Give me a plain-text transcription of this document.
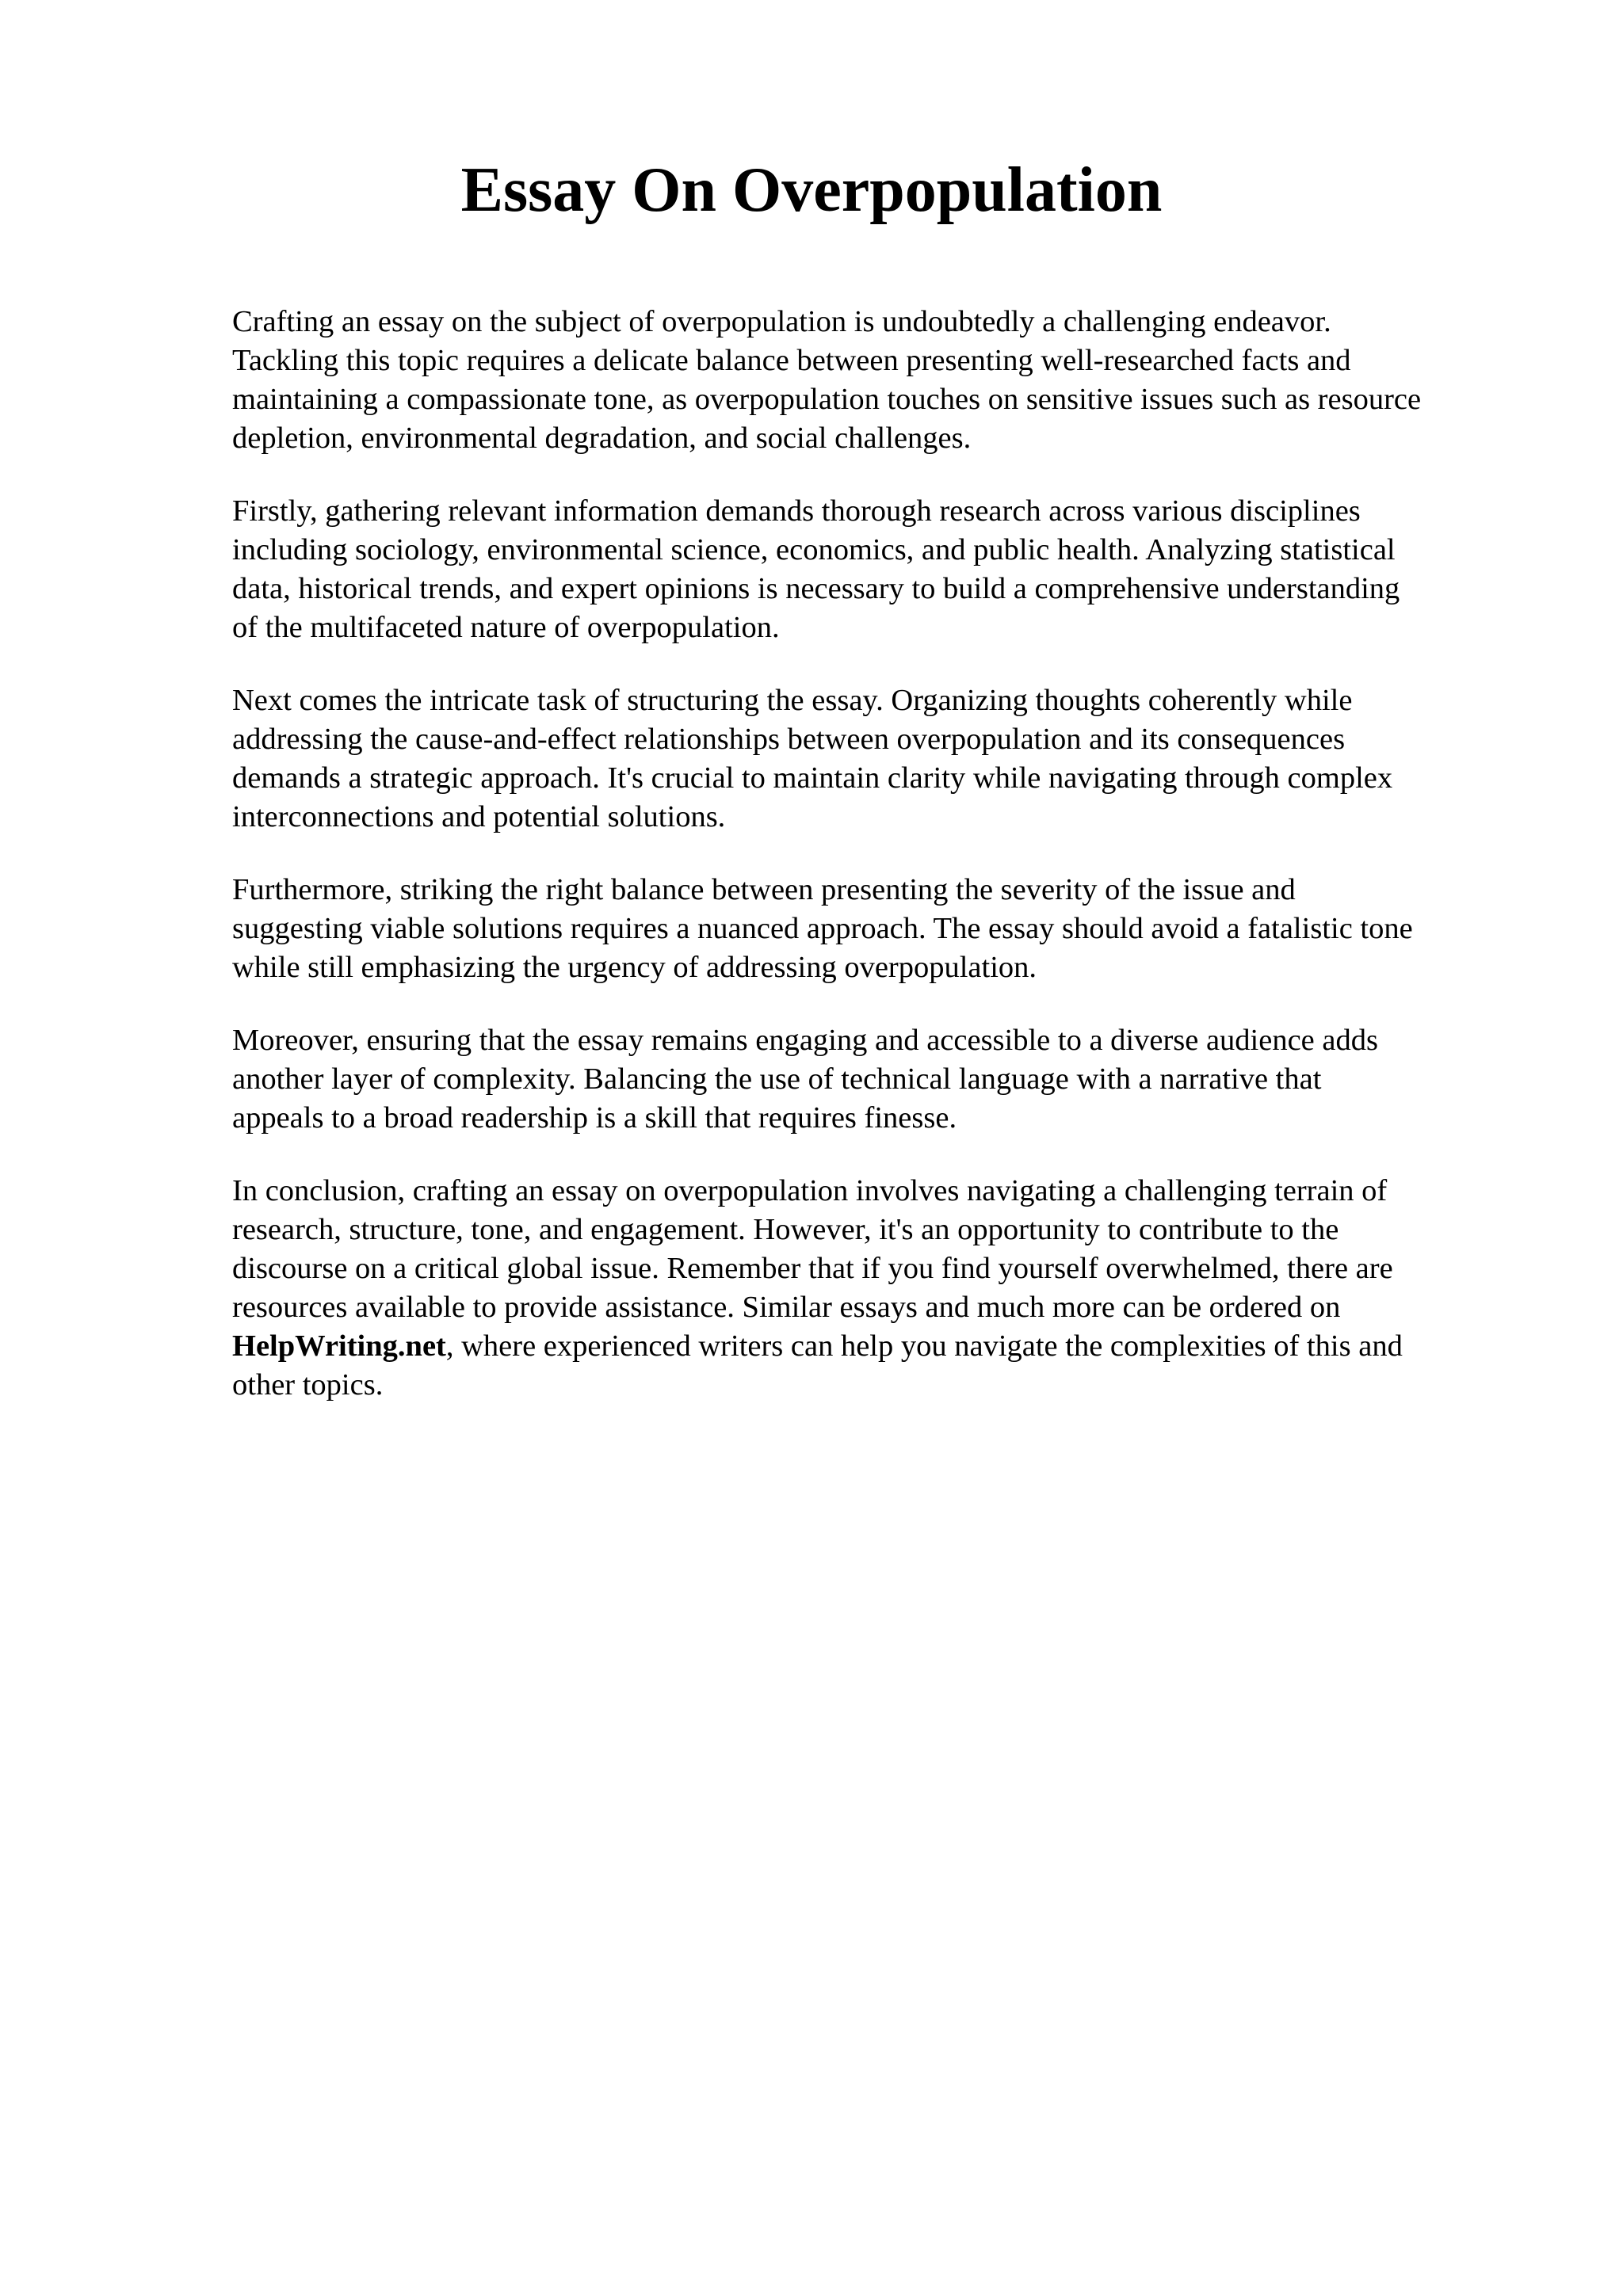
Essay On Overpopulation

Crafting an essay on the subject of overpopulation is undoubtedly a challenging endeavor.
Tackling this topic requires a delicate balance between presenting well-researched facts and
maintaining a compassionate tone, as overpopulation touches on sensitive issues such as resource
depletion, environmental degradation, and social challenges.

Firstly, gathering relevant information demands thorough research across various disciplines
including sociology, environmental science, economics, and public health. Analyzing statistical
data, historical trends, and expert opinions is necessary to build a comprehensive understanding
of the multifaceted nature of overpopulation.

Next comes the intricate task of structuring the essay. Organizing thoughts coherently while
addressing the cause-and-effect relationships between overpopulation and its consequences
demands a strategic approach. It's crucial to maintain clarity while navigating through complex
interconnections and potential solutions.

Furthermore, striking the right balance between presenting the severity of the issue and
suggesting viable solutions requires a nuanced approach. The essay should avoid a fatalistic tone
while still emphasizing the urgency of addressing overpopulation.

Moreover, ensuring that the essay remains engaging and accessible to a diverse audience adds
another layer of complexity. Balancing the use of technical language with a narrative that
appeals to a broad readership is a skill that requires finesse.

In conclusion, crafting an essay on overpopulation involves navigating a challenging terrain of
research, structure, tone, and engagement. However, it's an opportunity to contribute to the
discourse on a critical global issue. Remember that if you find yourself overwhelmed, there are
resources available to provide assistance. Similar essays and much more can be ordered on
HelpWriting.net, where experienced writers can help you navigate the complexities of this and
other topics.
